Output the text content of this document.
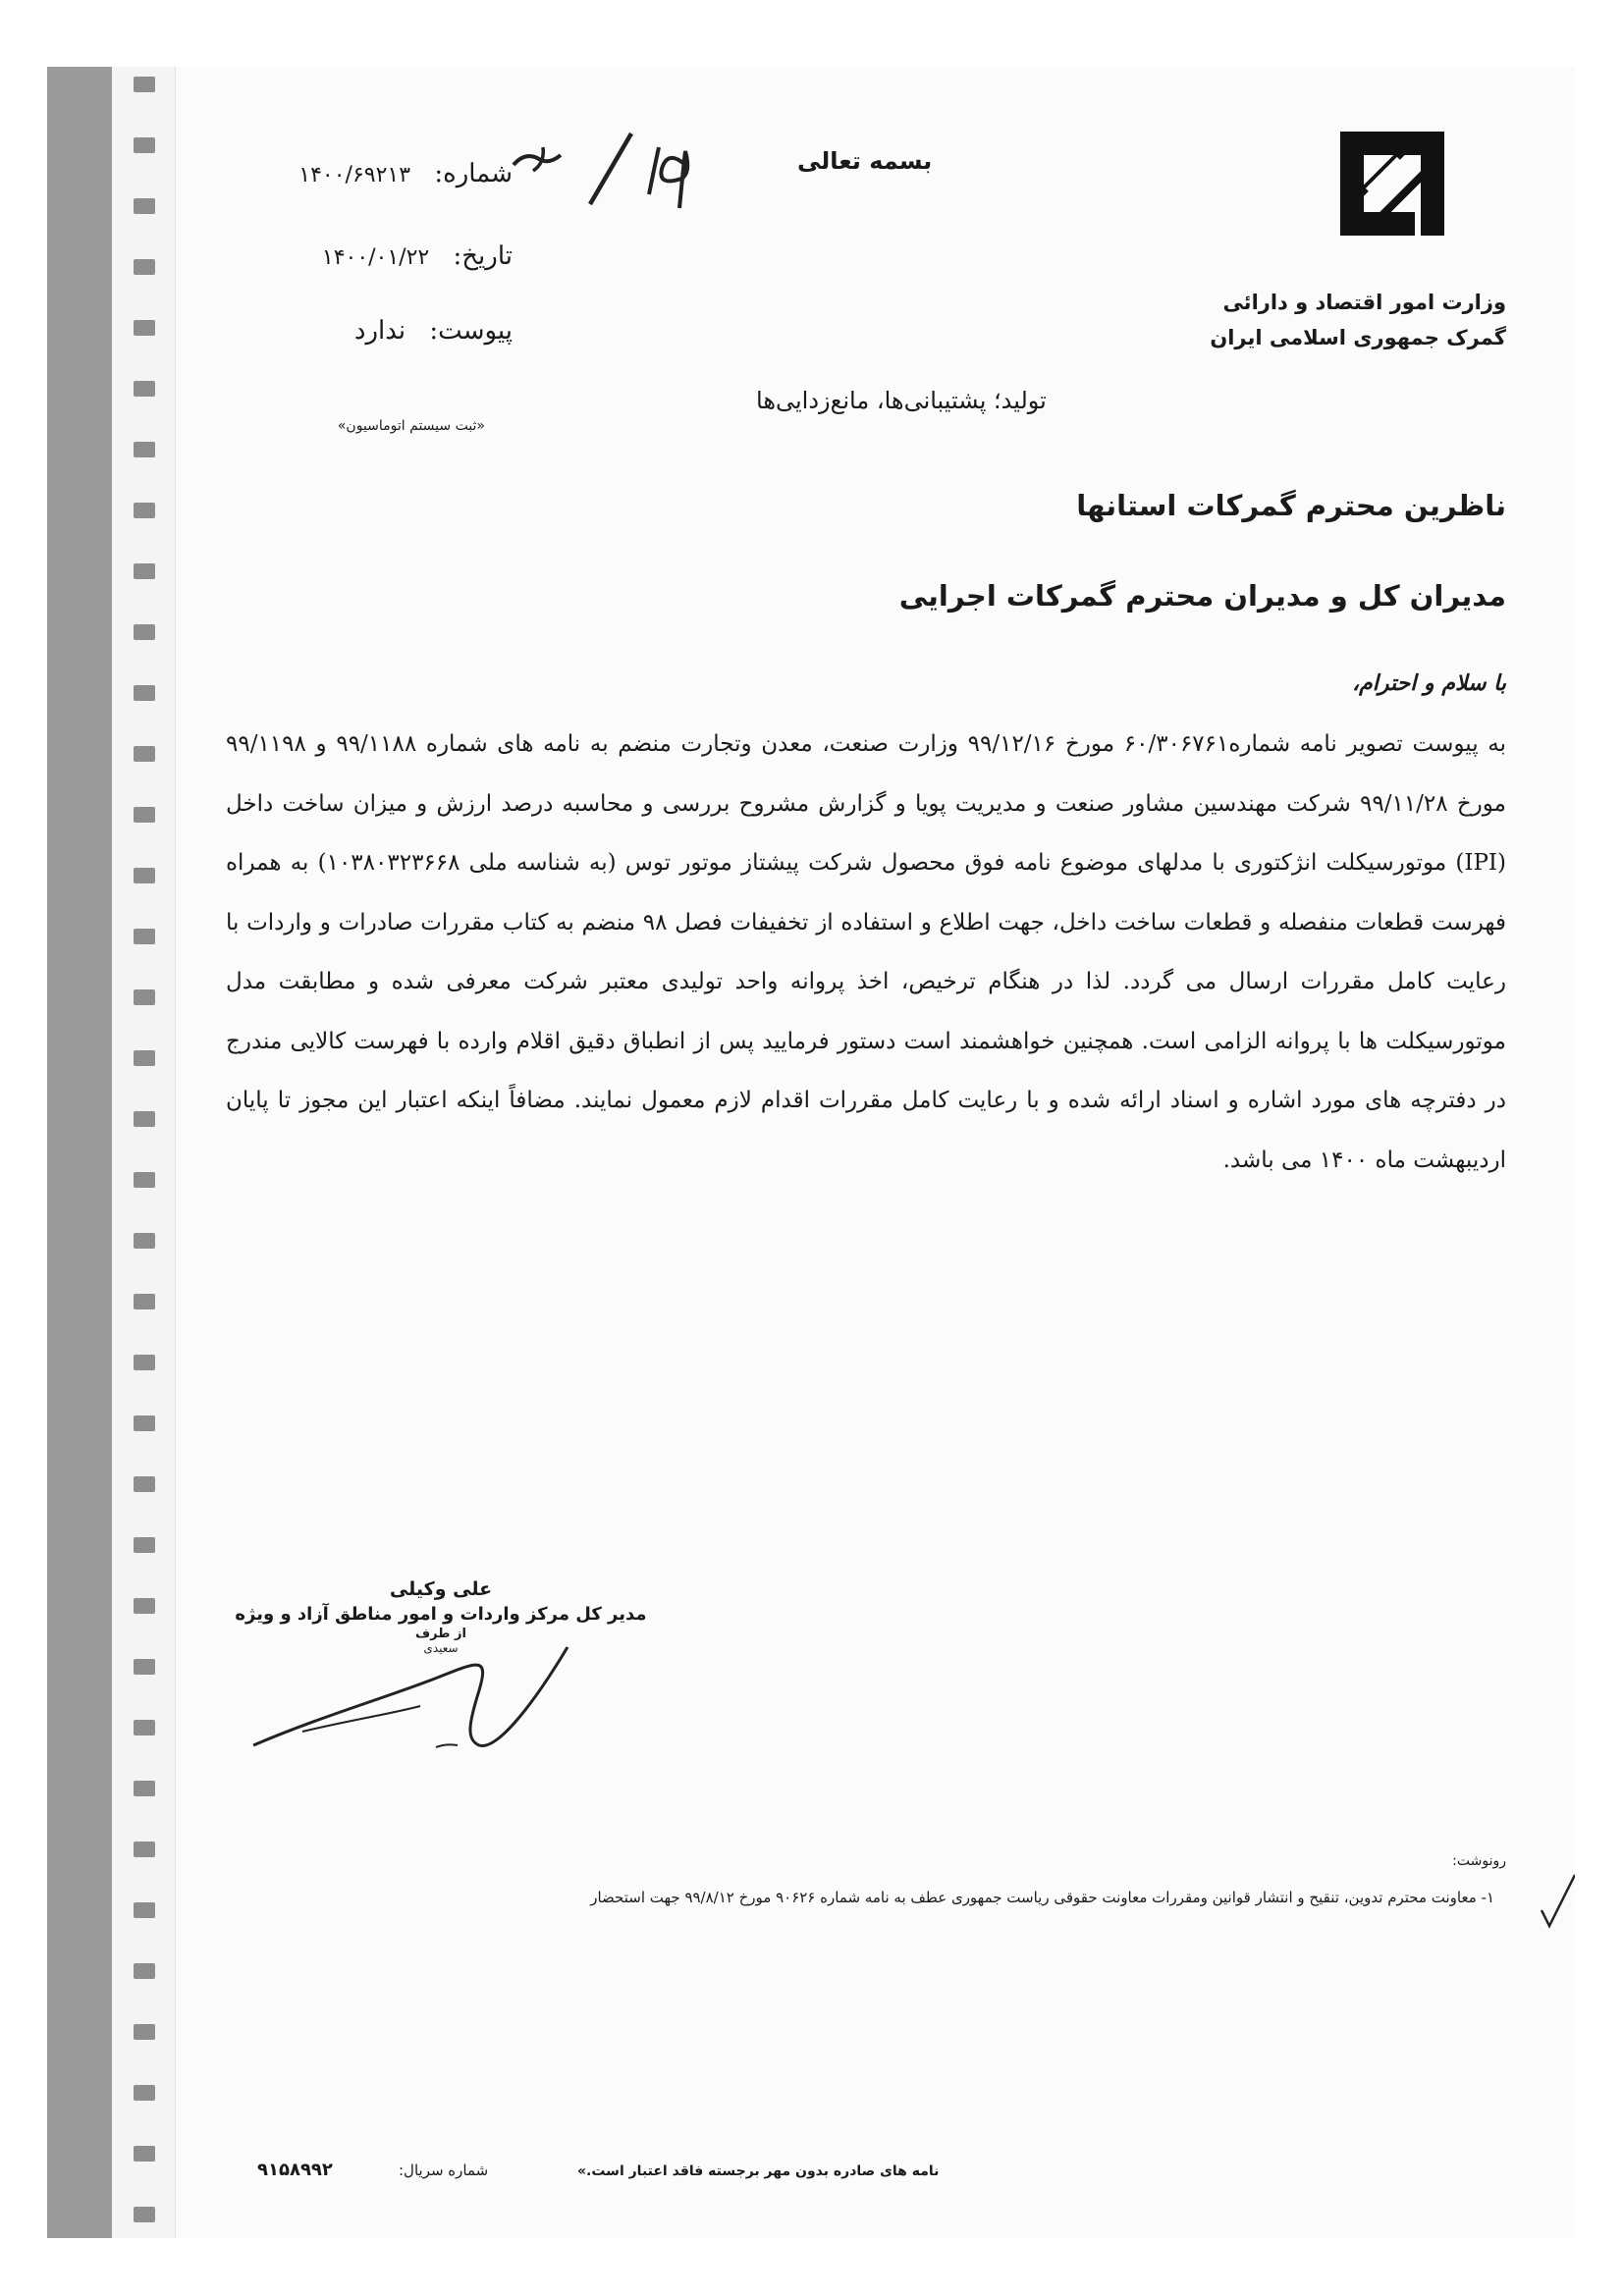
وزارت امور اقتصاد و دارائی
گمرک جمهوری اسلامی ایران
بسمه تعالی
شماره: ۱۴۰۰/۶۹۲۱۳
تاریخ: ۱۴۰۰/۰۱/۲۲
پیوست: ندارد
«ثبت سیستم اتوماسیون»
تولید؛ پشتیبانی‌ها، مانع‌زدایی‌ها
ناظرین محترم گمرکات استانها
مدیران کل و مدیران محترم گمرکات اجرایی
با سلام و احترام،
به پیوست تصویر نامه شماره۶۰/۳۰۶۷۶۱ مورخ ۹۹/۱۲/۱۶ وزارت صنعت، معدن وتجارت منضم به نامه های شماره ۹۹/۱۱۸۸ و ۹۹/۱۱۹۸ مورخ ۹۹/۱۱/۲۸ شرکت مهندسین مشاور صنعت و مدیریت پویا و گزارش مشروح بررسی و محاسبه درصد ارزش و میزان ساخت داخل (IPI) موتورسیکلت انژکتوری با مدلهای موضوع نامه فوق محصول شرکت پیشتاز موتور توس (به شناسه ملی ۱۰۳۸۰۳۲۳۶۶۸) به همراه فهرست قطعات منفصله و قطعات ساخت داخل، جهت اطلاع و استفاده از تخفیفات فصل ۹۸ منضم به کتاب مقررات صادرات و واردات با رعایت کامل مقررات ارسال می گردد. لذا در هنگام ترخیص، اخذ پروانه واحد تولیدی معتبر شرکت معرفی شده و مطابقت مدل موتورسیکلت ها با پروانه الزامی است. همچنین خواهشمند است دستور فرمایید پس از انطباق دقیق اقلام وارده با فهرست کالایی مندرج در دفترچه های مورد اشاره و اسناد ارائه شده و با رعایت کامل مقررات اقدام لازم معمول نمایند. مضافاً اینکه اعتبار این مجوز تا پایان اردیبهشت ماه ۱۴۰۰ می باشد.
علی وکیلی
مدیر کل مرکز واردات و امور مناطق آزاد و ویژه
از طرف
سعیدی
رونوشت:
۱- معاونت محترم تدوین، تنقیح و انتشار قوانین ومقررات معاونت حقوقی ریاست جمهوری عطف به نامه شماره ۹۰۶۲۶ مورخ ۹۹/۸/۱۲ جهت استحضار
نامه های صادره بدون مهر برجسته فاقد اعتبار است.»
شماره سریال:
۹۱۵۸۹۹۲
